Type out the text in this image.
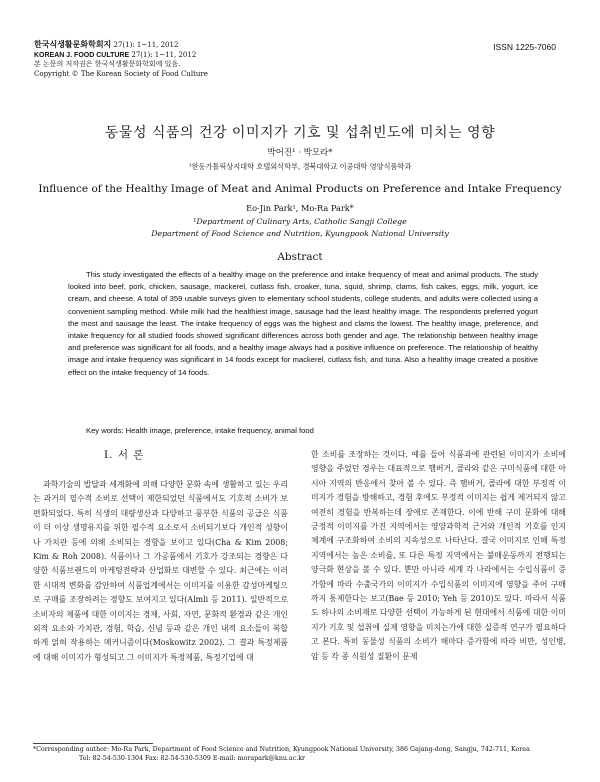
한국식생활문화학회지 27(1): 1~11, 2012
KOREAN J. FOOD CULTURE 27(1): 1~11, 2012
본 논문의 저작권은 한국식생활문화학회에 있음.
Copyright © The Korean Society of Food Culture
ISSN 1225-7060
동물성 식품의 건강 이미지가 기호 및 섭취빈도에 미치는 영향
박어진¹ · 박모라*
¹한동가톨릭상지대학 호텔외식학부, 경북대학교 이공대학 영양식품학과
Influence of the Healthy Image of Meat and Animal Products on Preference and Intake Frequency
Eo-Jin Park¹, Mo-Ra Park*
¹Department of Culinary Arts, Catholic Sangji College
Department of Food Science and Nutrition, Kyungpook National University
Abstract
This study investigated the effects of a healthy image on the preference and intake frequency of meat and animal products. The study looked into beef, pork, chicken, sausage, mackerel, cutlass fish, croaker, tuna, squid, shrimp, clams, fish cakes, eggs, milk, yogurt, ice cream, and cheese. A total of 359 usable surveys given to elementary school students, college students, and adults were collected using a convenient sampling method. While milk had the healthiest image, sausage had the least healthy image. The respondents preferred yogurt the most and sausage the least. The intake frequency of eggs was the highest and clams the lowest. The healthy image, preference, and intake frequency for all studied foods showed significant differences across both gender and age. The relationship between healthy image and preference was significant for all foods, and a healthy image always had a positive influence on preference. The relationship of healthy image and intake frequency was significant in 14 foods except for mackerel, cutlass fish, and tuna. Also a healthy image created a positive effect on the intake frequency of 14 foods.
Key words: Health image, preference, intake frequency, animal food
I. 서 론
과학기술의 발달과 세계화에 의해 다양한 문화 속에 생활하고 있는 우리는 과거의 필수적 소비로 선택이 제한되었던 식품에서도 기호적 소비가 보편화되었다. 특히 식생의 대량생산과 다양하고 풍부한 식품의 공급은 식품이 더 이상 생명유지를 위한 필수적 요소로서 소비되기보다 개인적 성향이나 가치관 등에 의해 소비되는 경향을 보이고 있다(Cha & Kim 2008; Kim & Roh 2008). 식품이나 그 가공품에서 기호가 강조되는 경향은 다양한 식품브랜드의 마케팅전략과 산업화로 대변할 수 있다. 최근에는 이러한 시대적 변화를 감안하여 식품업계에서는 이미지를 이용한 감성마케팅으로 구매를 조장하려는 경향도 보여지고 있다(Almli 등 2011). 일반적으로 소비자의 제품에 대한 이미지는 경제, 사회, 자연, 문화적 환경과 같은 개인 외적 요소와 가치관, 경험, 학습, 신념 등과 같은 개인 내적 요소들이 복합하게 얽혀 작용하는 메커니즘이다(Moskowitz 2002). 그 결과 특정제품에 대해 이미지가 형성되고 그 이미지가 특정제품, 특정기업에 대
한 소비를 조장하는 것이다. 예를 들어 식품과에 관련된 이미지가 소비에 영향을 주었던 경우는 대표적으로 햄버거, 콜라와 같은 구미식품에 대한 아시아 지역의 반응에서 찾아 볼 수 있다. 즉 햄버거, 콜라에 대한 부정적 이미지가 경험을 방해하고, 경험 후에도 부정적 이미지는 쉽게 제거되지 않고 여전히 경험을 반복하는데 장애로 존재한다. 이에 반해 구미 문화에 대해 긍정적 이미지를 가진 지역에서는 영양과학적 근거와 개인적 기호를 인지체계에 구조화하여 소비의 지속성으로 나타난다. 결국 이미지로 인해 특정 지역에서는 높은 소비를, 또 다른 특정 지역에서는 불매운동까지 전행되는 양극화 현상을 볼 수 있다. 뿐만 아니라 세계 각 나라에서는 수입식품이 증가함에 따라 수출국가의 이미지가 수입식품의 이미지에 영향을 주어 구매까지 통제한다는 보고(Bae 등 2010; Yeh 등 2010)도 있다. 따라서 식품도 하나의 소비재로 다양한 선택이 가능하게 된 현대에서 식품에 대한 이미지가 기호 및 섭취에 실제 영향을 미치는가에 대한 실증적 연구가 필요하다고 본다. 특히 동물성 식품의 소비가 해마다 증가함에 따라 비만, 성인병, 암 등 각 종 식원성 질환이 문제
*Corresponding author: Mo-Ra Park, Department of Food Science and Nutrition, Kyungpook National University, 386 Gajang-dong, Sangju, 742-711, Korea
Tel: 82-54-530-1304 Fax: 82-54-530-5309 E-mail: morapark@knu.ac.kr
